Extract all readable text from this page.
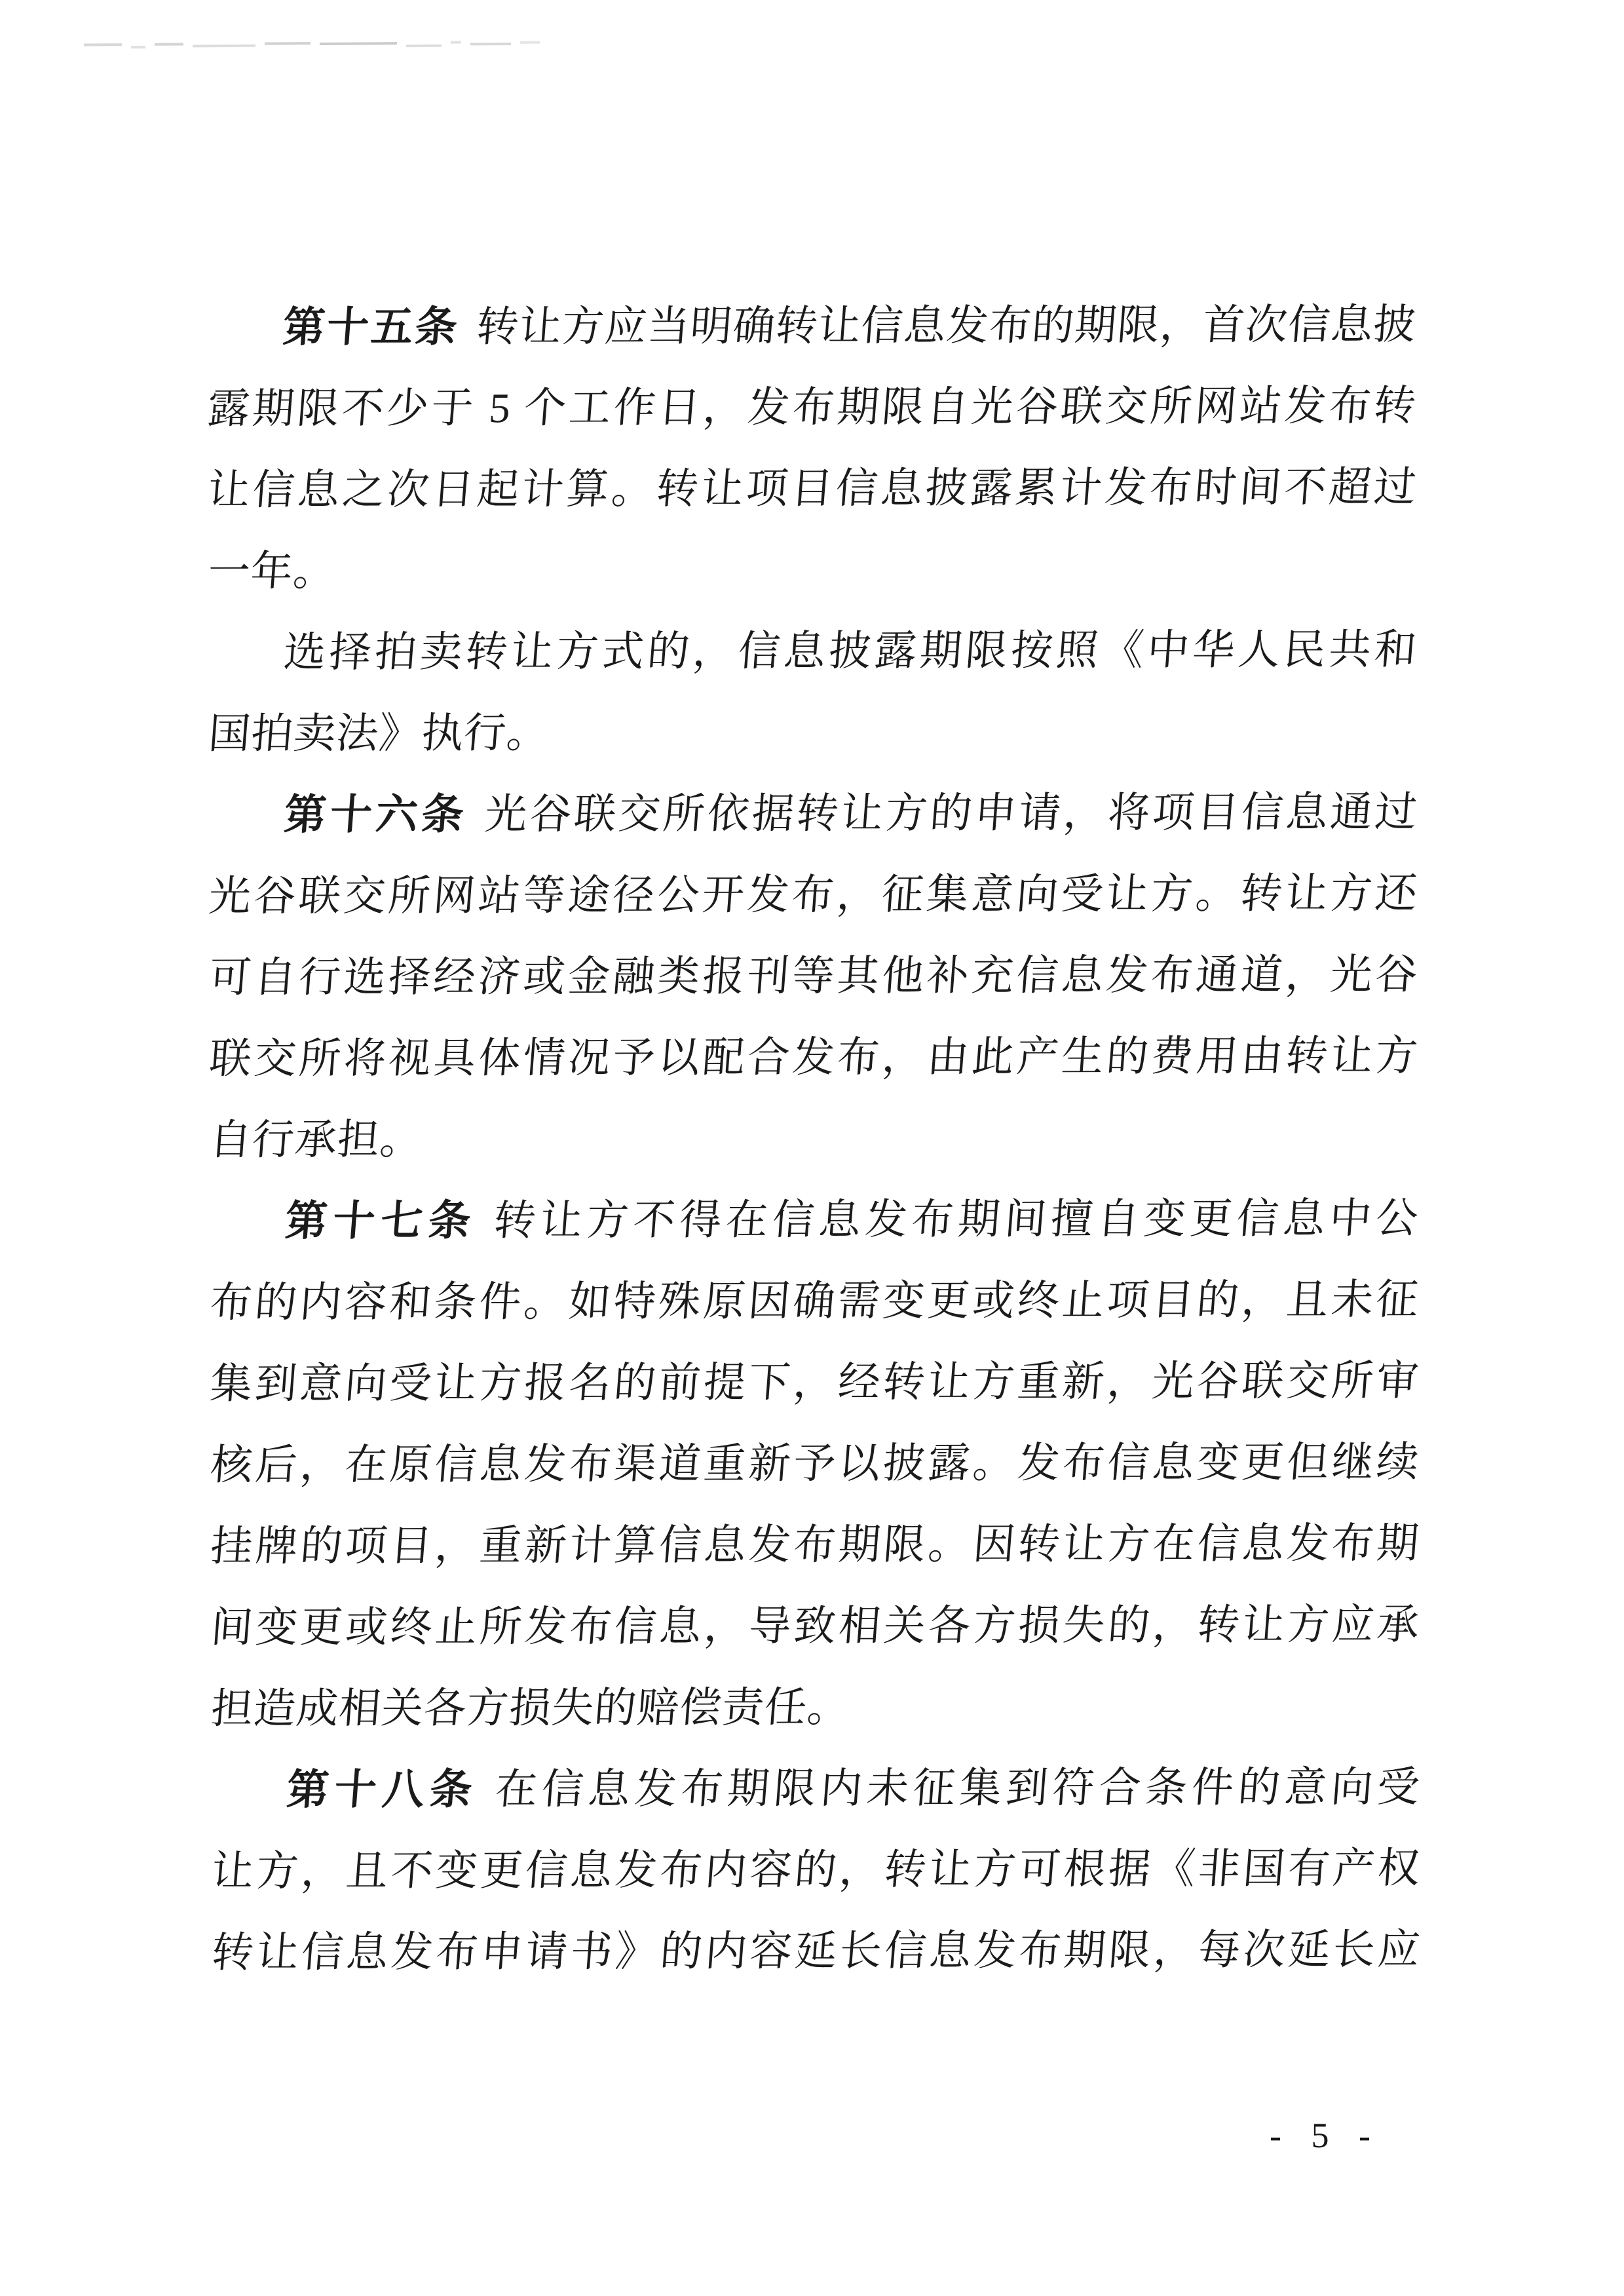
第十五条 转让方应当明确转让信息发布的期限，首次信息披
露期限不少于 5 个工作日，发布期限自光谷联交所网站发布转
让信息之次日起计算。转让项目信息披露累计发布时间不超过
一年。
选择拍卖转让方式的，信息披露期限按照《中华人民共和
国拍卖法》执行。
第十六条 光谷联交所依据转让方的申请，将项目信息通过
光谷联交所网站等途径公开发布，征集意向受让方。转让方还
可自行选择经济或金融类报刊等其他补充信息发布通道，光谷
联交所将视具体情况予以配合发布，由此产生的费用由转让方
自行承担。
第十七条 转让方不得在信息发布期间擅自变更信息中公
布的内容和条件。如特殊原因确需变更或终止项目的，且未征
集到意向受让方报名的前提下，经转让方重新，光谷联交所审
核后，在原信息发布渠道重新予以披露。发布信息变更但继续
挂牌的项目，重新计算信息发布期限。因转让方在信息发布期
间变更或终止所发布信息，导致相关各方损失的，转让方应承
担造成相关各方损失的赔偿责任。
第十八条 在信息发布期限内未征集到符合条件的意向受
让方，且不变更信息发布内容的，转让方可根据《非国有产权
转让信息发布申请书》的内容延长信息发布期限，每次延长应
- 5 -
